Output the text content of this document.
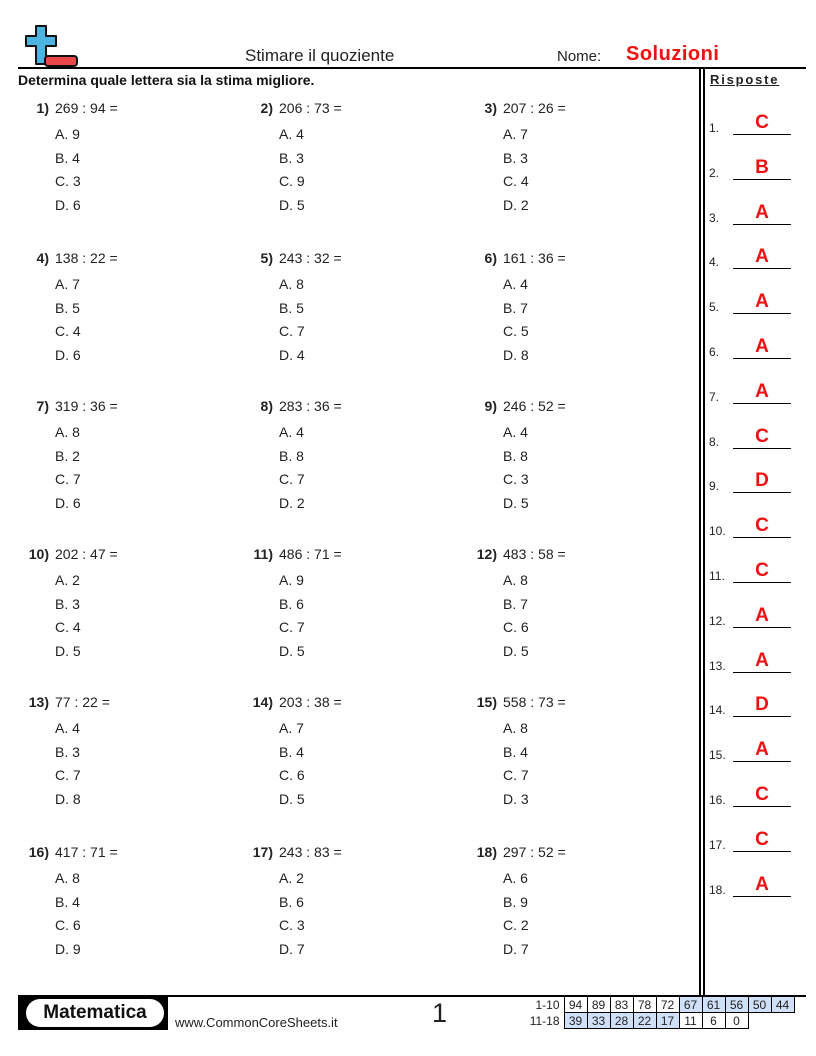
Stimare il quoziente	Nome: Soluzioni
Determina quale lettera sia la stima migliore.	Risposte
1) 269 : 94 =
A. 9
B. 4
C. 3
D. 6
2) 206 : 73 =
A. 4
B. 3
C. 9
D. 5
3) 207 : 26 =
A. 7
B. 3
C. 4
D. 2
4) 138 : 22 =
A. 7
B. 5
C. 4
D. 6
5) 243 : 32 =
A. 8
B. 5
C. 7
D. 4
6) 161 : 36 =
A. 4
B. 7
C. 5
D. 8
7) 319 : 36 =
A. 8
B. 2
C. 7
D. 6
8) 283 : 36 =
A. 4
B. 8
C. 7
D. 2
9) 246 : 52 =
A. 4
B. 8
C. 3
D. 5
10) 202 : 47 =
A. 2
B. 3
C. 4
D. 5
11) 486 : 71 =
A. 9
B. 6
C. 7
D. 5
12) 483 : 58 =
A. 8
B. 7
C. 6
D. 5
13) 77 : 22 =
A. 4
B. 3
C. 7
D. 8
14) 203 : 38 =
A. 7
B. 4
C. 6
D. 5
15) 558 : 73 =
A. 8
B. 4
C. 7
D. 3
16) 417 : 71 =
A. 8
B. 4
C. 6
D. 9
17) 243 : 83 =
A. 2
B. 6
C. 3
D. 7
18) 297 : 52 =
A. 6
B. 9
C. 2
D. 7
1.	C
2.	B
3.	A
4.	A
5.	A
6.	A
7.	A
8.	C
9.	D
10.	C
11.	C
12.	A
13.	A
14.	D
15.	A
16.	C
17.	C
18.	A
Matematica	www.CommonCoreSheets.it	1	1-10	94	89	83	78	72	67	61	56	50	44
11-18	39	33	28	22	17	11	6	0		
